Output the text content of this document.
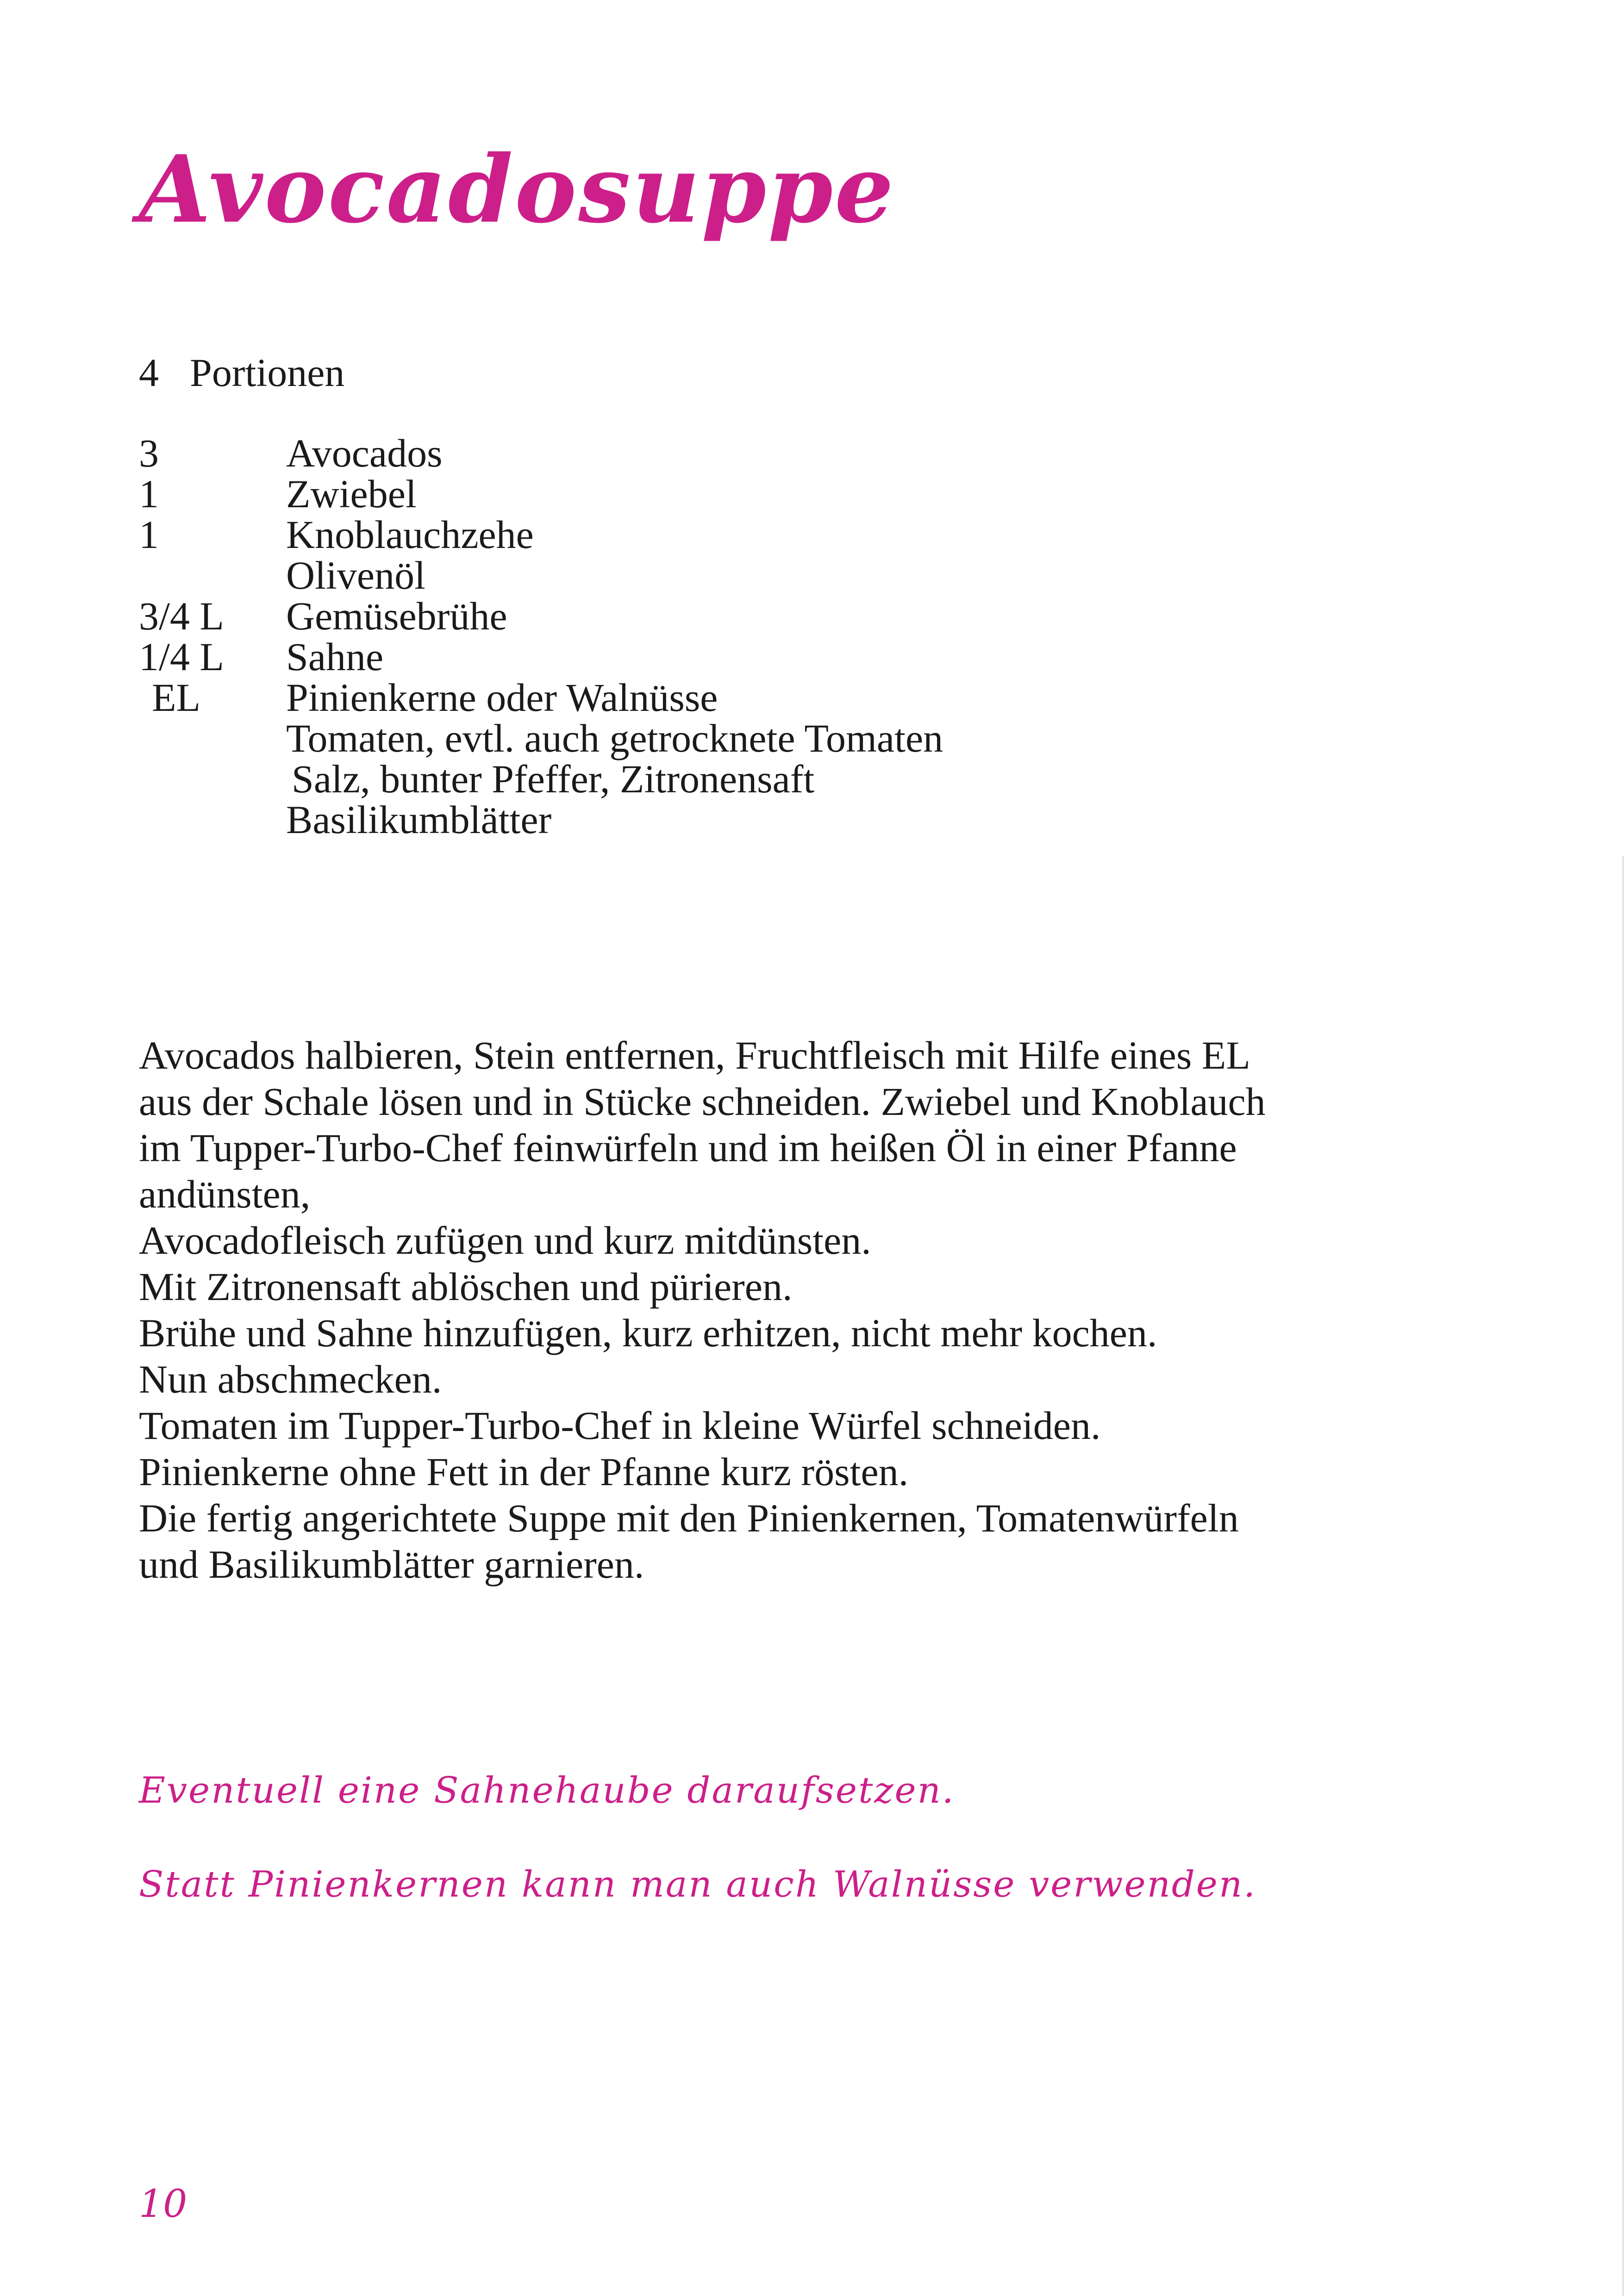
Avocadosuppe

4 Portionen

3	Avocados
1	Zwiebel
1	Knoblauchzehe
Olivenöl
3/4 L Gemüsebrühe
1/4 L Sahne
EL Pinienkerne oder Walnüsse
Tomaten, evtl. auch getrocknete Tomaten
Salz, bunter Pfeffer, Zitronensaft
Basilikumblätter
Avocados halbieren, Stein entfernen, Fruchtfleisch mit Hilfe eines EL
aus der Schale lösen und in Stücke schneiden. Zwiebel und Knoblauch
im Tupper-Turbo-Chef feinwürfeln und im heißen Öl in einer Pfanne
andünsten,
Avocadofleisch zufügen und kurz mitdünsten.
Mit Zitronensaft ablöschen und pürieren.
Brühe und Sahne hinzufügen, kurz erhitzen, nicht mehr kochen.
Nun abschmecken.
Tomaten im Tupper-Turbo-Chef in kleine Würfel schneiden.
Pinienkerne ohne Fett in der Pfanne kurz rösten.
Die fertig angerichtete Suppe mit den Pinienkernen, Tomatenwürfeln
und Basilikumblätter garnieren.
Eventuell eine Sahnehaube daraufsetzen.
Statt Pinienkernen kann man auch Walnüsse verwenden.

10
